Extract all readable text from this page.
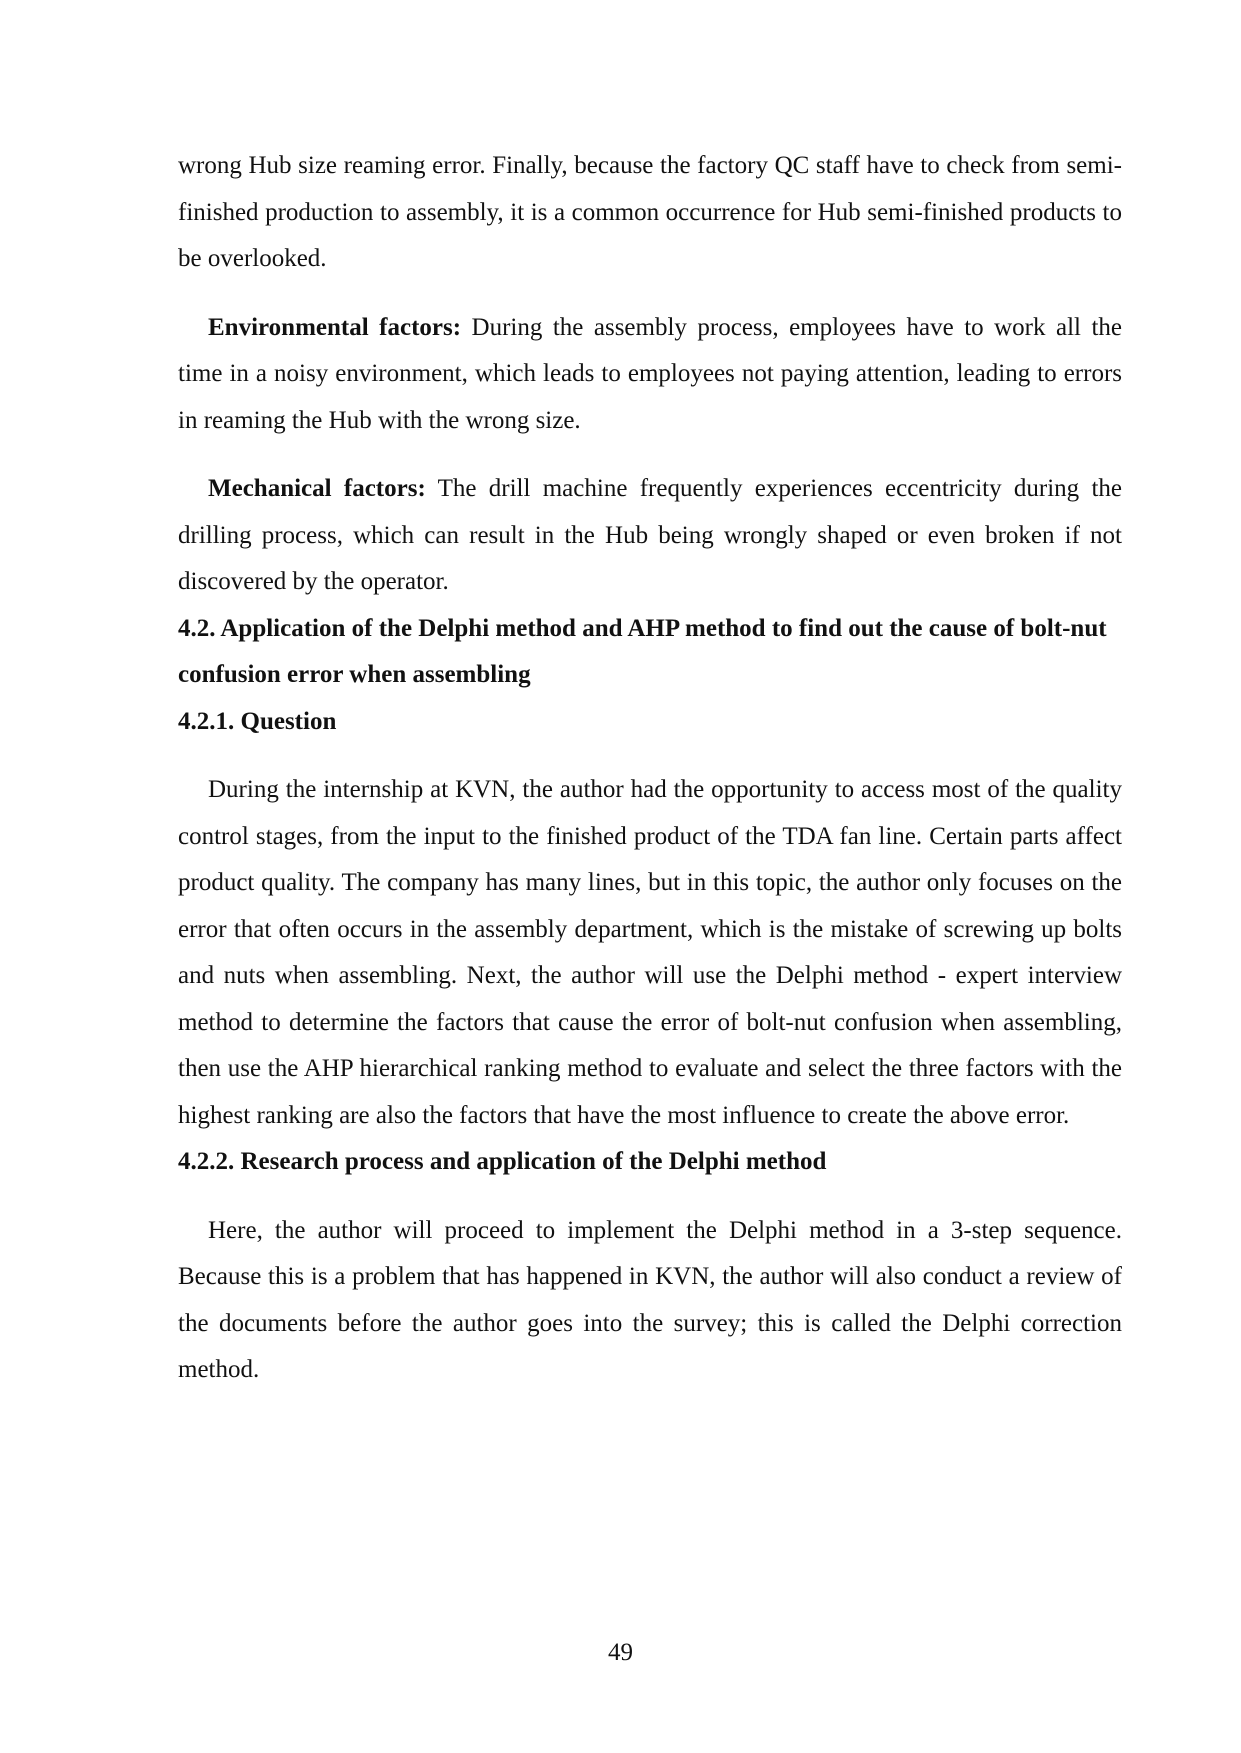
wrong Hub size reaming error. Finally, because the factory QC staff have to check from semi-finished production to assembly, it is a common occurrence for Hub semi-finished products to be overlooked.

Environmental factors: During the assembly process, employees have to work all the time in a noisy environment, which leads to employees not paying attention, leading to errors in reaming the Hub with the wrong size.

Mechanical factors: The drill machine frequently experiences eccentricity during the drilling process, which can result in the Hub being wrongly shaped or even broken if not discovered by the operator.

4.2. Application of the Delphi method and AHP method to find out the cause of bolt-nut confusion error when assembling
4.2.1. Question

During the internship at KVN, the author had the opportunity to access most of the quality control stages, from the input to the finished product of the TDA fan line. Certain parts affect product quality. The company has many lines, but in this topic, the author only focuses on the error that often occurs in the assembly department, which is the mistake of screwing up bolts and nuts when assembling. Next, the author will use the Delphi method - expert interview method to determine the factors that cause the error of bolt-nut confusion when assembling, then use the AHP hierarchical ranking method to evaluate and select the three factors with the highest ranking are also the factors that have the most influence to create the above error.

4.2.2. Research process and application of the Delphi method

Here, the author will proceed to implement the Delphi method in a 3-step sequence. Because this is a problem that has happened in KVN, the author will also conduct a review of the documents before the author goes into the survey; this is called the Delphi correction method.

49
